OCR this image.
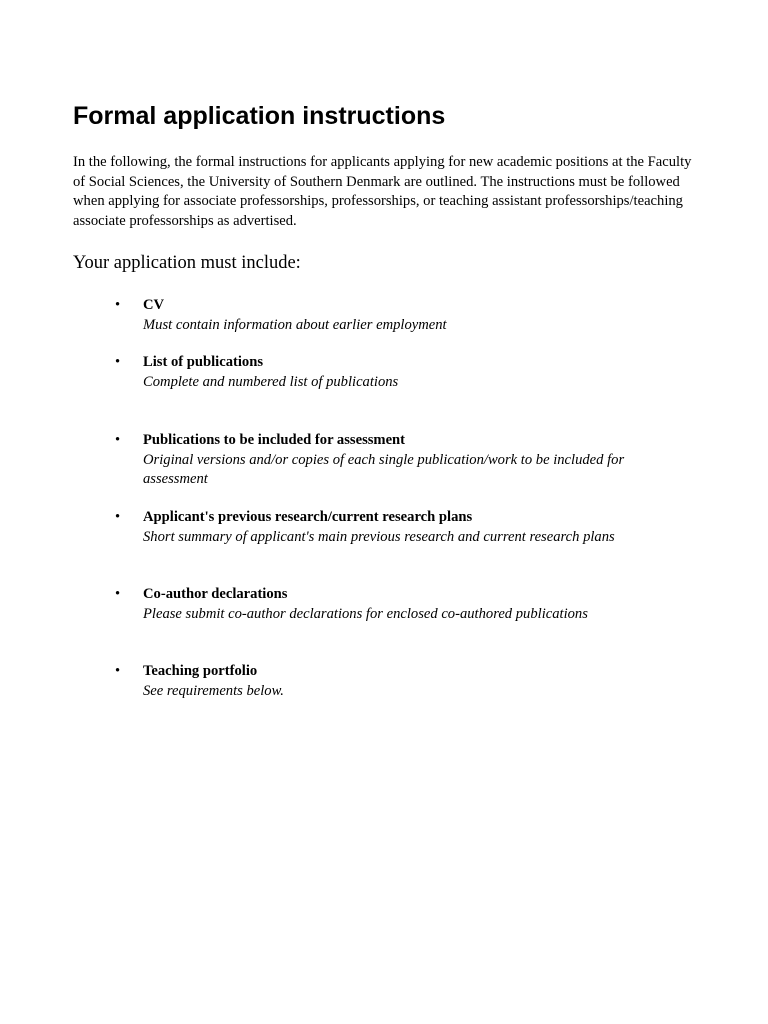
Formal application instructions

In the following, the formal instructions for applicants applying for new academic positions at the Faculty of Social Sciences, the University of Southern Denmark are outlined. The instructions must be followed when applying for associate professorships, professorships, or teaching assistant professorships/teaching associate professorships as advertised.

Your application must include:

•	CV
Must contain information about earlier employment
•	List of publications
Complete and numbered list of publications
•	Publications to be included for assessment
Original versions and/or copies of each single publication/work to be included for assessment
•	Applicant's previous research/current research plans
Short summary of applicant's main previous research and current research plans
•	Co-author declarations
Please submit co-author declarations for enclosed co-authored publications
•	Teaching portfolio
See requirements below.
